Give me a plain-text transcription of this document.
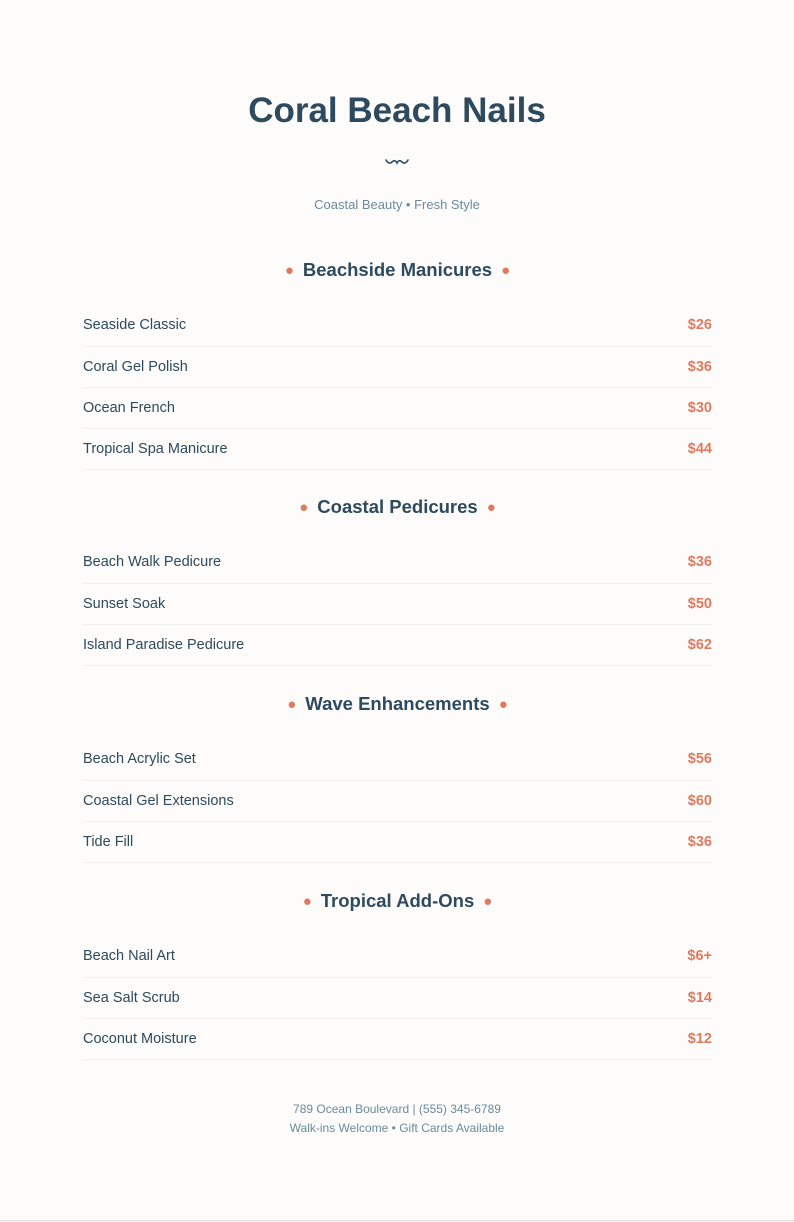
Coral Beach Nails
Coastal Beauty • Fresh Style
● Beachside Manicures ●
Seaside Classic	$26
Coral Gel Polish	$36
Ocean French	$30
Tropical Spa Manicure	$44
● Coastal Pedicures ●
Beach Walk Pedicure	$36
Sunset Soak	$50
Island Paradise Pedicure	$62
● Wave Enhancements ●
Beach Acrylic Set	$56
Coastal Gel Extensions	$60
Tide Fill	$36
● Tropical Add-Ons ●
Beach Nail Art	$6+
Sea Salt Scrub	$14
Coconut Moisture	$12
789 Ocean Boulevard | (555) 345-6789
Walk-ins Welcome • Gift Cards Available
